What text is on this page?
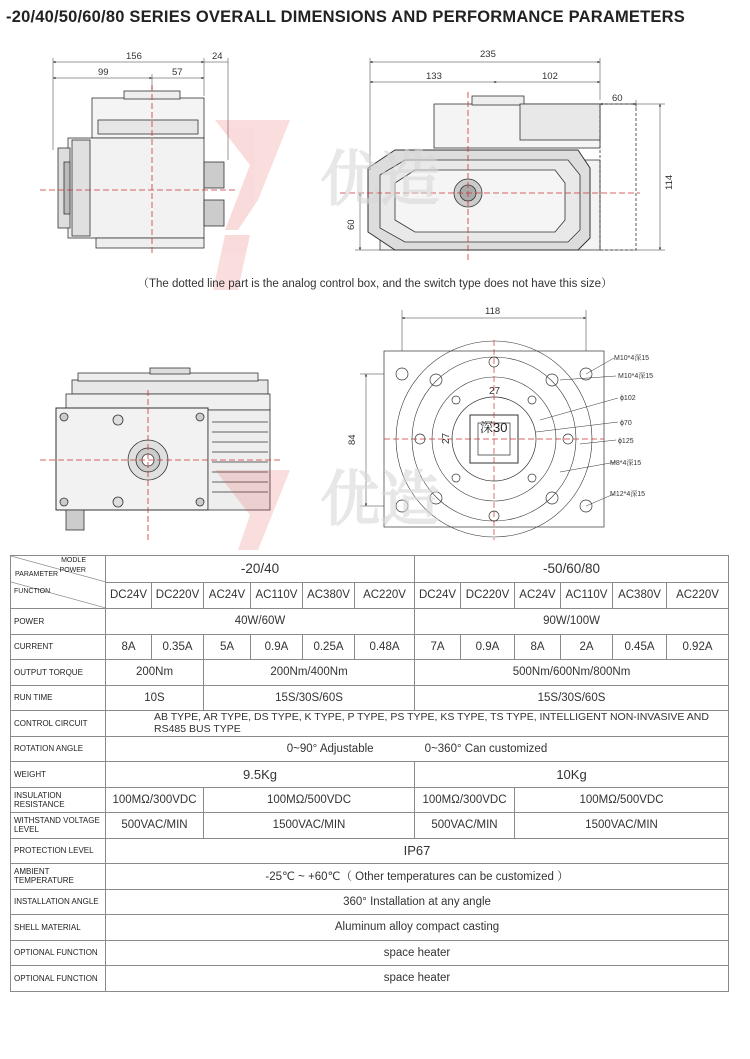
-20/40/50/60/80 SERIES OVERALL DIMENSIONS AND PERFORMANCE PARAMETERS
156	24
99	57
235
133	102
60
114
60
118
84
27
27
深30
M10*4深15
M10*4深15
ϕ102
ϕ70
ϕ125
M8*4深15
M12*4深15
优造
优造
（The dotted line part is the analog control box, and the switch type does not have this size）
MODLE
POWER
PARAMETER
FUNCTION	-20/40						-50/60/80					
	DC24V	DC220V	AC24V	AC110V	AC380V	AC220V	DC24V	DC220V	AC24V	AC110V	AC380V	AC220V
POWER	40W/60W						90W/100W					
CURRENT	8A	0.35A	5A	0.9A	0.25A	0.48A	7A	0.9A	8A	2A	0.45A	0.92A
OUTPUT TORQUE	200Nm		200Nm/400Nm				500Nm/600Nm/800Nm					
RUN TIME	10S		15S/30S/60S				15S/30S/60S					
CONTROL CIRCUIT	AB TYPE, AR TYPE, DS TYPE, K TYPE, P TYPE, PS TYPE, KS TYPE, TS TYPE, INTELLIGENT NON-INVASIVE AND RS485 BUS TYPE											
ROTATION ANGLE	0~90° Adjustable                0~360° Can customized											
WEIGHT	9.5Kg						10Kg					
INSULATION RESISTANCE	100MΩ/300VDC		100MΩ/500VDC				100MΩ/300VDC		100MΩ/500VDC			
WITHSTAND VOLTAGE LEVEL	500VAC/MIN		1500VAC/MIN				500VAC/MIN		1500VAC/MIN			
PROTECTION LEVEL	IP67											
AMBIENT TEMPERATURE	-25℃ ~ +60℃（ Other temperatures can be customized ）											
INSTALLATION ANGLE	360° Installation at any angle											
SHELL MATERIAL	Aluminum alloy compact casting											
OPTIONAL FUNCTION	space heater											
OPTIONAL FUNCTION	space heater											
